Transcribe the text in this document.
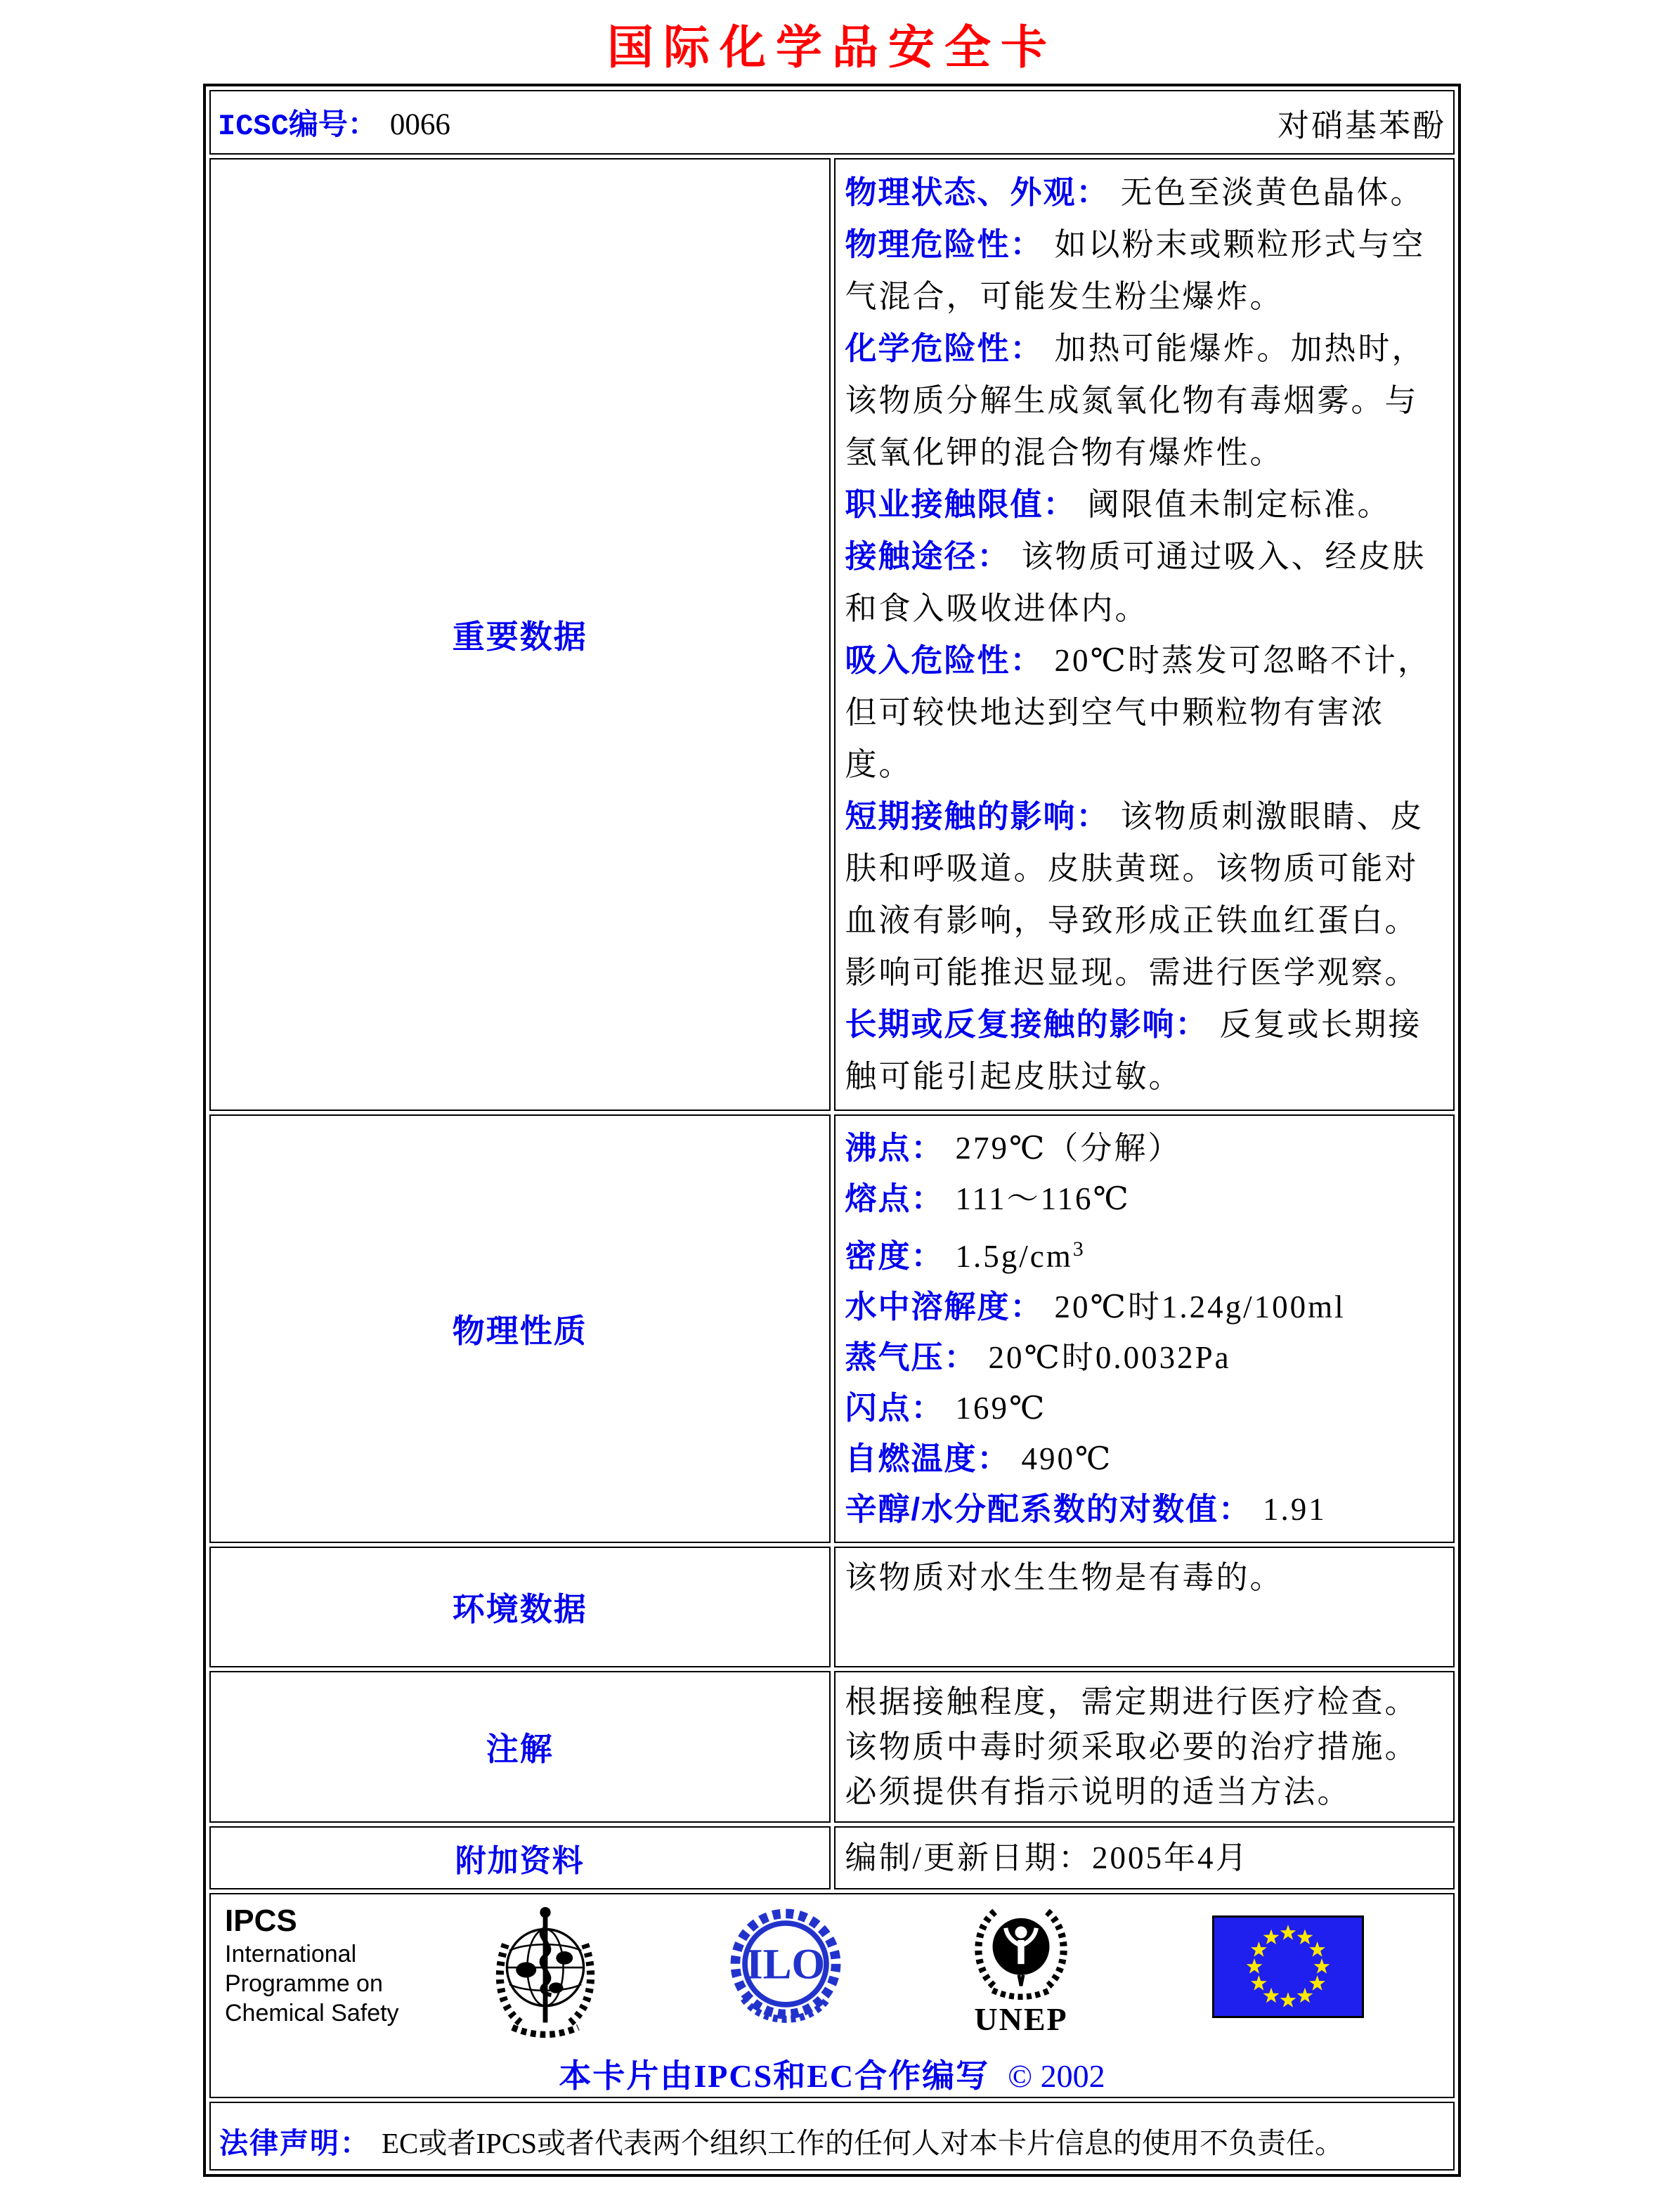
国际化学品安全卡
ICSC编号： 0066 对硝基苯酚	

重要数据	
物理状态、外观： 无色至淡黄色晶体。
物理危险性： 如以粉末或颗粒形式与空气混合，可能发生粉尘爆炸。
化学危险性： 加热可能爆炸。加热时，该物质分解生成氮氧化物有毒烟雾。与氢氧化钾的混合物有爆炸性。
职业接触限值： 阈限值未制定标准。
接触途径： 该物质可通过吸入、经皮肤和食入吸收进体内。
吸入危险性： 20℃时蒸发可忽略不计，但可较快地达到空气中颗粒物有害浓度。
短期接触的影响： 该物质刺激眼睛、皮肤和呼吸道。皮肤黄斑。该物质可能对血液有影响，导致形成正铁血红蛋白。影响可能推迟显现。需进行医学观察。
长期或反复接触的影响： 反复或长期接触可能引起皮肤过敏。

物理性质	
沸点： 279℃（分解）
熔点： 111～116℃
密度： $1.5g/cm^3$
水中溶解度： 20℃时1.24g/100ml
蒸气压： 20℃时0.0032Pa
闪点： 169℃
自燃温度： 490℃
辛醇/水分配系数的对数值： 1.91

环境数据	该物质对水生生物是有毒的。

注解	根据接触程度，需定期进行医疗检查。该物质中毒时须采取必要的治疗措施。必须提供有指示说明的适当方法。

附加资料	编制/更新日期：2005年4月

IPCS
International
Programme on
Chemical Safety
ILO
UNEP
本卡片由IPCS和EC合作编写 © 2002

法律声明： EC或者IPCS或者代表两个组织工作的任何人对本卡片信息的使用不负责任。	
